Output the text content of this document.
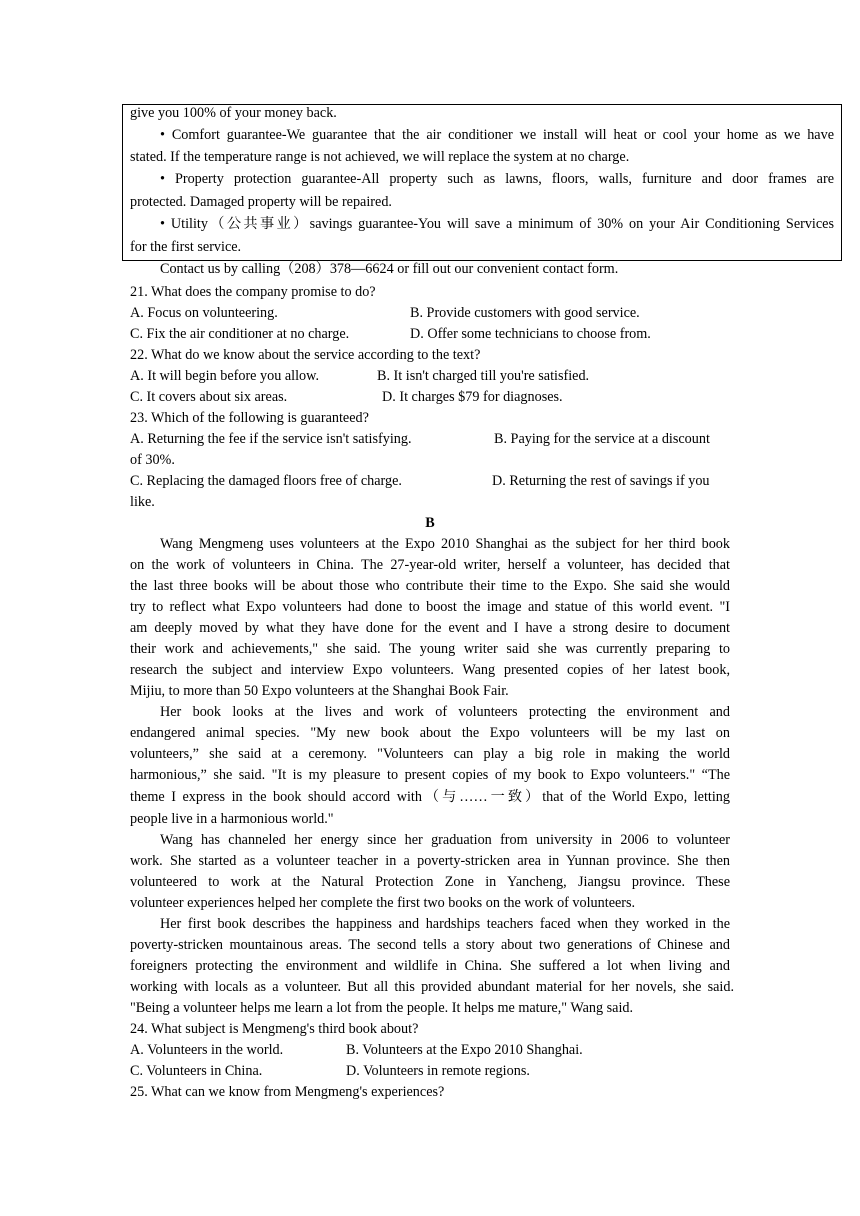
give you 100% of your money back.
• Comfort guarantee-We guarantee that the air conditioner we install will heat or cool your home as we have
stated. If the temperature range is not achieved, we will replace the system at no charge.
• Property protection guarantee-All property such as lawns, floors, walls, furniture and door frames are
protected. Damaged property will be repaired.
• Utility（公共事业）savings guarantee-You will save a minimum of 30% on your Air Conditioning Services
for the first service.
Contact us by calling（208）378—6624 or fill out our convenient contact form.
21. What does the company promise to do?
A. Focus on volunteering.	B. Provide customers with good service.
C. Fix the air conditioner at no charge.	D. Offer some technicians to choose from.
22. What do we know about the service according to the text?
A. It will begin before you allow.	B. It isn't charged till you're satisfied.
C. It covers about six areas.	D. It charges $79 for diagnoses.
23. Which of the following is guaranteed?
A. Returning the fee if the service isn't satisfying.	B. Paying for the service at a discount
of 30%.
C. Replacing the damaged floors free of charge.	D. Returning the rest of savings if you
like.
B
Wang Mengmeng uses volunteers at the Expo 2010 Shanghai as the subject for her third book
on the work of volunteers in China. The 27-year-old writer, herself a volunteer, has decided that
the last three books will be about those who contribute their time to the Expo. She said she would
try to reflect what Expo volunteers had done to boost the image and statue of this world event. "I
am deeply moved by what they have done for the event and I have a strong desire to document
their work and achievements," she said. The young writer said she was currently preparing to
research the subject and interview Expo volunteers. Wang presented copies of her latest book,
Mijiu, to more than 50 Expo volunteers at the Shanghai Book Fair.
Her book looks at the lives and work of volunteers protecting the environment and
endangered animal species. "My new book about the Expo volunteers will be my last on
volunteers,” she said at a ceremony. "Volunteers can play a big role in making the world
harmonious,” she said. "It is my pleasure to present copies of my book to Expo volunteers." “The
theme I express in the book should accord with（与……一致）that of the World Expo, letting
people live in a harmonious world."
Wang has channeled her energy since her graduation from university in 2006 to volunteer
work. She started as a volunteer teacher in a poverty-stricken area in Yunnan province. She then
volunteered to work at the Natural Protection Zone in Yancheng, Jiangsu province. These
volunteer experiences helped her complete the first two books on the work of volunteers.
Her first book describes the happiness and hardships teachers faced when they worked in the
poverty-stricken mountainous areas. The second tells a story about two generations of Chinese and
foreigners protecting the environment and wildlife in China. She suffered a lot when living and
working with locals as a volunteer. But all this provided abundant material for her novels, she said.
"Being a volunteer helps me learn a lot from the people. It helps me mature," Wang said.
24. What subject is Mengmeng's third book about?
A. Volunteers in the world.	B. Volunteers at the Expo 2010 Shanghai.
C. Volunteers in China.	D. Volunteers in remote regions.
25. What can we know from Mengmeng's experiences?
